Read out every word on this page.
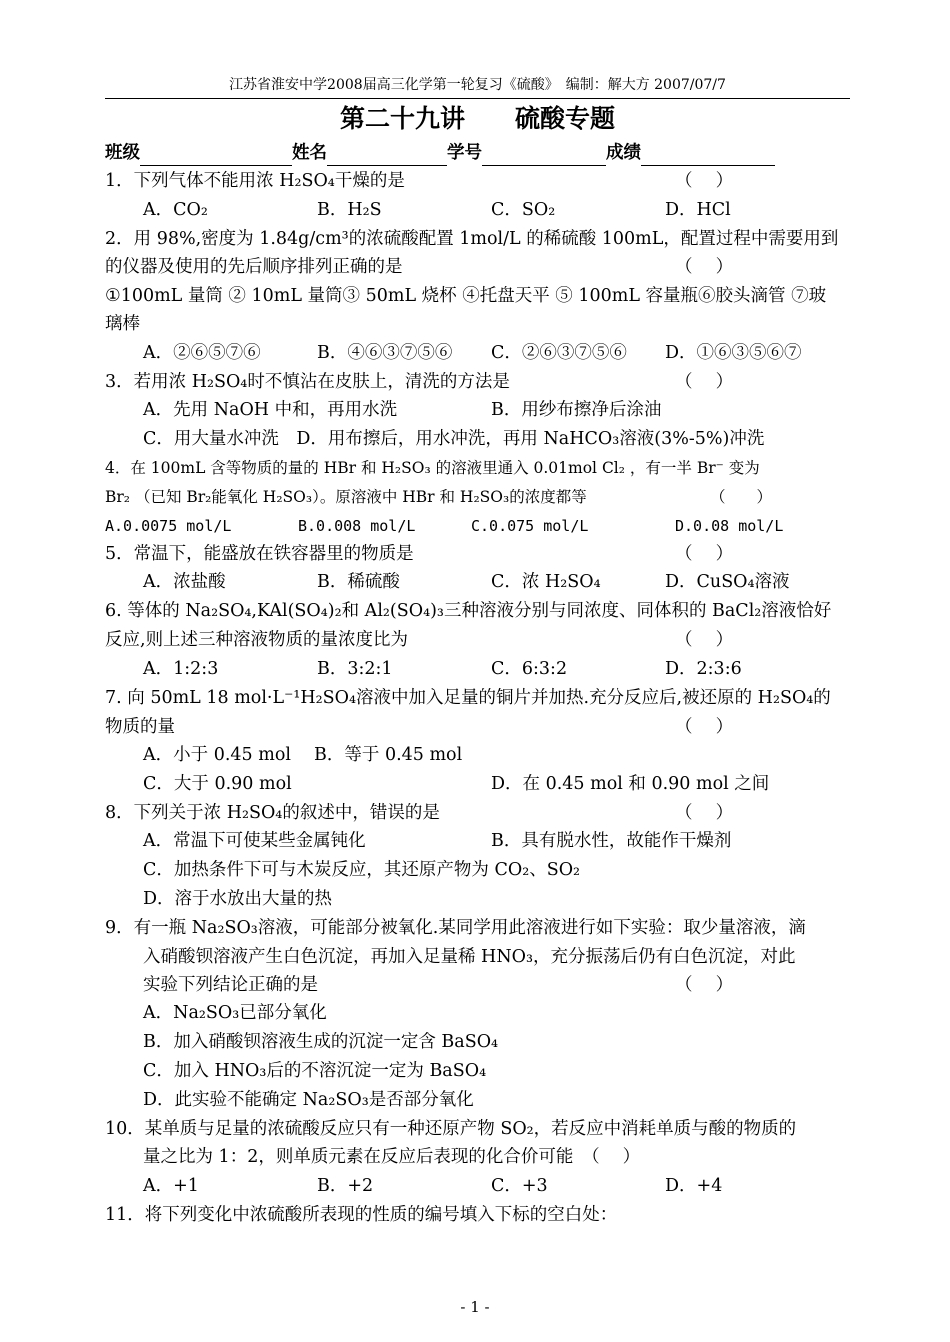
江苏省淮安中学2008届高三化学第一轮复习《硫酸》　编制：解大方 2007/07/7
第二十九讲　　硫酸专题
班级	姓名	学号	成绩
1．下列气体不能用浓 H₂SO₄干燥的是	（　 ）
A．CO₂	B．H₂S	C．SO₂	D．HCl
2．用 98%,密度为 1.84g/cm³的浓硫酸配置 1mol/L 的稀硫酸 100mL，配置过程中需要用到
的仪器及使用的先后顺序排列正确的是	（　 ）
①100mL 量筒 ② 10mL 量筒③ 50mL 烧杯 ④托盘天平 ⑤ 100mL 容量瓶⑥胶头滴管 ⑦玻
璃棒
A．②⑥⑤⑦⑥	B．④⑥③⑦⑤⑥ C．②⑥③⑦⑤⑥ D．①⑥③⑤⑥⑦
3．若用浓 H₂SO₄时不慎沾在皮肤上，清洗的方法是	（　 ）
A．先用 NaOH 中和，再用水洗	B．用纱布擦净后涂油
C．用大量水冲洗　D．用布擦后，用水冲洗，再用 NaHCO₃溶液(3%-5%)冲洗
4．在 100mL 含等物质的量的 HBr 和 H₂SO₃ 的溶液里通入 0.01mol Cl₂ ，有一半 Br⁻ 变为
Br₂ （已知 Br₂能氧化 H₂SO₃）。原溶液中 HBr 和 H₂SO₃的浓度都等	（　　）
A.0.0075 mol/L	B.0.008 mol/L	C.0.075 mol/L	D.0.08 mol/L
5．常温下，能盛放在铁容器里的物质是	（　 ）
A．浓盐酸	B．稀硫酸	C．浓 H₂SO₄	D．CuSO₄溶液
6. 等体的 Na₂SO₄,KAl(SO₄)₂和 Al₂(SO₄)₃三种溶液分别与同浓度、同体积的 BaCl₂溶液恰好
反应,则上述三种溶液物质的量浓度比为	（　 ）
A．1:2:3	B．3:2:1	C．6:3:2	D．2:3:6
7. 向 50mL 18 mol·L⁻¹H₂SO₄溶液中加入足量的铜片并加热.充分反应后,被还原的 H₂SO₄的
物质的量	（　 ）
A．小于 0.45 mol　 B．等于 0.45 mol
C．大于 0.90 mol	D．在 0.45 mol 和 0.90 mol 之间
8．下列关于浓 H₂SO₄的叙述中，错误的是	（　 ）
A．常温下可使某些金属钝化	B．具有脱水性，故能作干燥剂
C．加热条件下可与木炭反应，其还原产物为 CO₂、SO₂
D．溶于水放出大量的热
9．有一瓶 Na₂SO₃溶液，可能部分被氧化.某同学用此溶液进行如下实验：取少量溶液，滴
入硝酸钡溶液产生白色沉淀，再加入足量稀 HNO₃，充分振荡后仍有白色沉淀，对此
实验下列结论正确的是	（　 ）
A．Na₂SO₃已部分氧化
B．加入硝酸钡溶液生成的沉淀一定含 BaSO₄
C．加入 HNO₃后的不溶沉淀一定为 BaSO₄
D．此实验不能确定 Na₂SO₃是否部分氧化
10．某单质与足量的浓硫酸反应只有一种还原产物 SO₂，若反应中消耗单质与酸的物质的
量之比为 1：2，则单质元素在反应后表现的化合价可能　（　 ）
A．+1	B．+2	C．+3	D．+4
11．将下列变化中浓硫酸所表现的性质的编号填入下标的空白处：
- 1 -
